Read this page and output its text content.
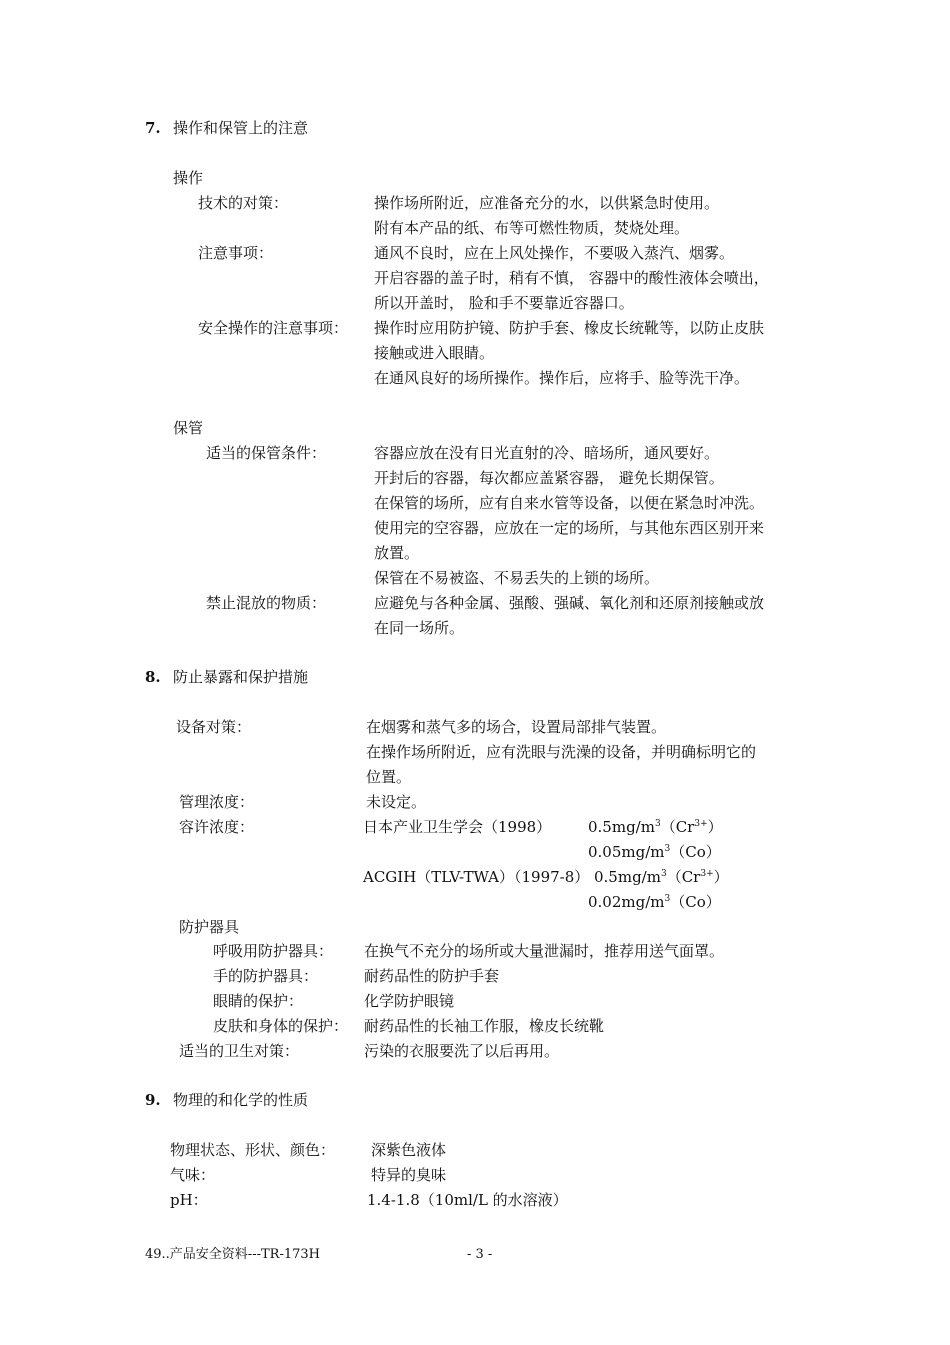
7. 操作和保管上的注意
操作
技术的对策：	操作场所附近，应准备充分的水，以供紧急时使用。
附有本产品的纸、布等可燃性物质，焚烧处理。
注意事项：	通风不良时，应在上风处操作，不要吸入蒸汽、烟雾。
开启容器的盖子时，稍有不慎， 容器中的酸性液体会喷出，
所以开盖时， 脸和手不要靠近容器口。
安全操作的注意事项： 操作时应用防护镜、防护手套、橡皮长统靴等，以防止皮肤
接触或进入眼睛。
在通风良好的场所操作。操作后，应将手、脸等洗干净。
保管
适当的保管条件：	容器应放在没有日光直射的冷、暗场所，通风要好。
开封后的容器，每次都应盖紧容器， 避免长期保管。
在保管的场所，应有自来水管等设备，以便在紧急时冲洗。
使用完的空容器，应放在一定的场所，与其他东西区别开来
放置。
保管在不易被盗、不易丢失的上锁的场所。
禁止混放的物质：	应避免与各种金属、强酸、强碱、氧化剂和还原剂接触或放
在同一场所。
8. 防止暴露和保护措施
设备对策：	在烟雾和蒸气多的场合，设置局部排气装置。
在操作场所附近，应有洗眼与洗澡的设备，并明确标明它的
位置。
管理浓度：	未设定。
容许浓度：	日本产业卫生学会（1998） $0.5mg/m^3(Cr^{3+})$
$0.05mg/m^3(Co)$
ACGIH（TLV-TWA）（1997-8） $0.5mg/m^3(Cr^{3+})$
$0.02mg/m^3(Co)$
防护器具
呼吸用防护器具： 在换气不充分的场所或大量泄漏时，推荐用送气面罩。
手的防护器具：	耐药品性的防护手套
眼睛的保护：	化学防护眼镜
皮肤和身体的保护： 耐药品性的长袖工作服，橡皮长统靴
适当的卫生对策：	污染的衣服要洗了以后再用。
9. 物理的和化学的性质
物理状态、形状、颜色： 深紫色液体
气味：	特异的臭味
pH：	1.4-1.8（10ml/L 的水溶液）
49..产品安全资料---TR-173H	- 3 -
